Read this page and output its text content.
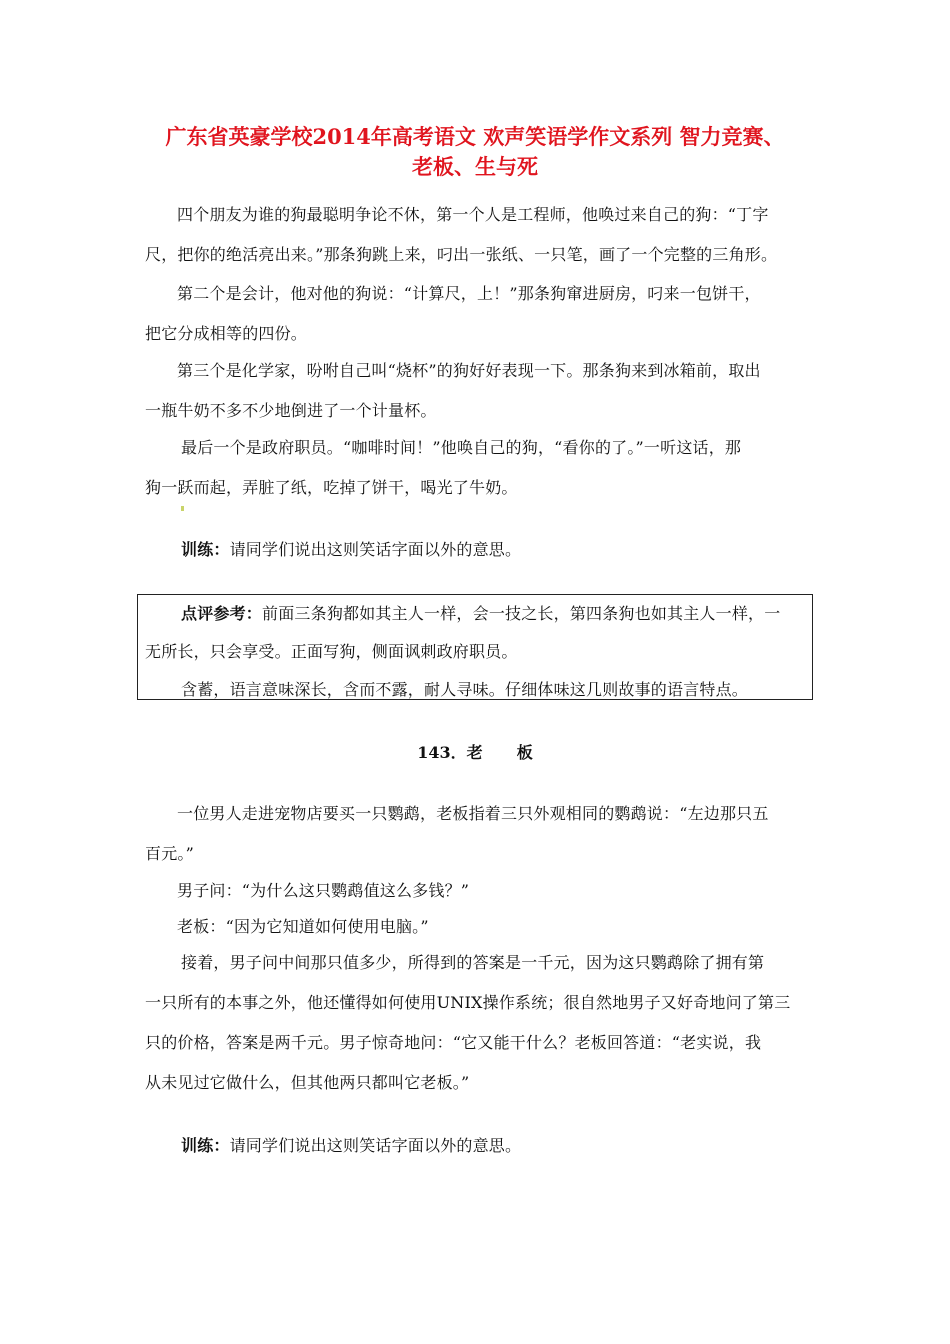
广东省英豪学校2014年高考语文 欢声笑语学作文系列 智力竞赛、
老板、生与死
四个朋友为谁的狗最聪明争论不休，第一个人是工程师，他唤过来自己的狗：“丁字
尺，把你的绝活亮出来。”那条狗跳上来，叼出一张纸、一只笔，画了一个完整的三角形。
第二个是会计，他对他的狗说：“计算尺，上！”那条狗窜进厨房，叼来一包饼干，
把它分成相等的四份。
第三个是化学家，吩咐自己叫“烧杯”的狗好好表现一下。那条狗来到冰箱前，取出
一瓶牛奶不多不少地倒进了一个计量杯。
最后一个是政府职员。“咖啡时间！”他唤自己的狗，“看你的了。”一听这话，那
狗一跃而起，弄脏了纸，吃掉了饼干，喝光了牛奶。
训练：请同学们说出这则笑话字面以外的意思。
点评参考：前面三条狗都如其主人一样，会一技之长，第四条狗也如其主人一样，一
无所长，只会享受。正面写狗，侧面讽刺政府职员。
含蓄，语言意味深长，含而不露，耐人寻味。仔细体味这几则故事的语言特点。
143．老 板
一位男人走进宠物店要买一只鹦鹉，老板指着三只外观相同的鹦鹉说：“左边那只五
百元。”
男子问：“为什么这只鹦鹉值这么多钱？”
老板：“因为它知道如何使用电脑。”
接着，男子问中间那只值多少，所得到的答案是一千元，因为这只鹦鹉除了拥有第
一只所有的本事之外，他还懂得如何使用UNIX操作系统；很自然地男子又好奇地问了第三
只的价格，答案是两千元。男子惊奇地问：“它又能干什么？老板回答道：“老实说，我
从未见过它做什么，但其他两只都叫它老板。”
训练：请同学们说出这则笑话字面以外的意思。
